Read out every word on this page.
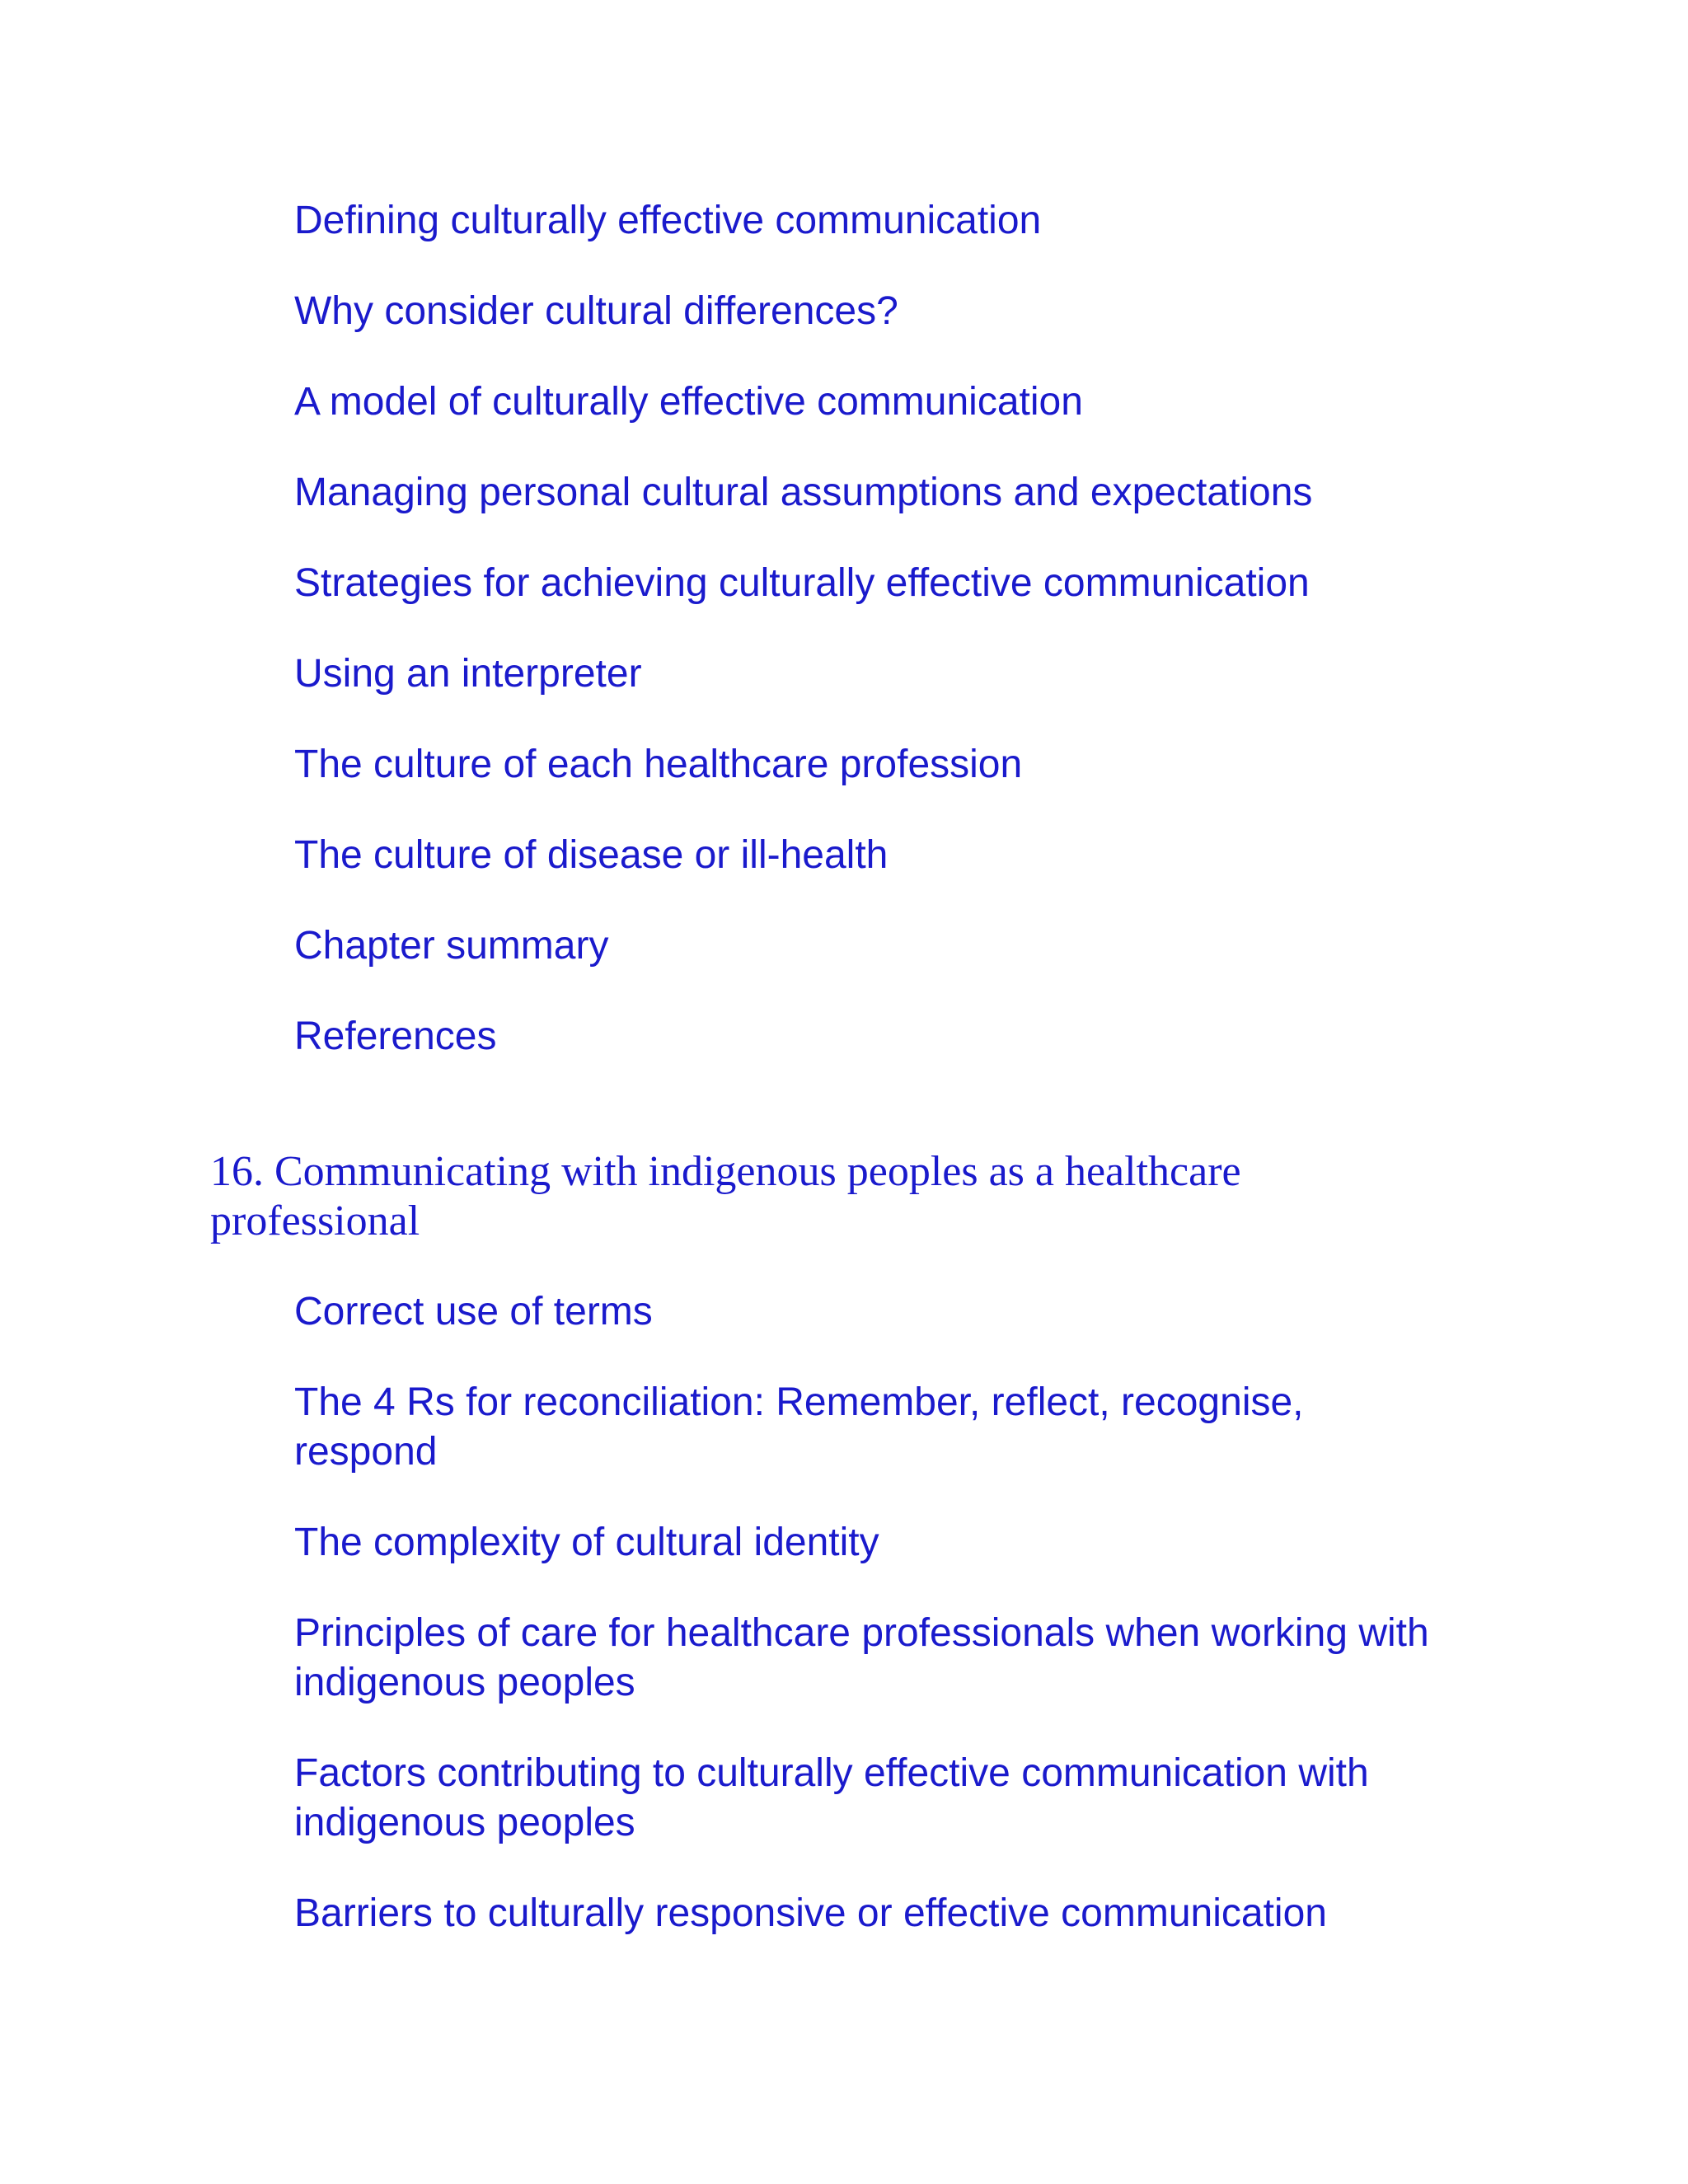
Defining culturally effective communication
Why consider cultural differences?
A model of culturally effective communication
Managing personal cultural assumptions and expectations
Strategies for achieving culturally effective communication
Using an interpreter
The culture of each healthcare profession
The culture of disease or ill-health
Chapter summary
References
16. Communicating with indigenous peoples as a healthcare professional
Correct use of terms
The 4 Rs for reconciliation: Remember, reflect, recognise, respond
The complexity of cultural identity
Principles of care for healthcare professionals when working with indigenous peoples
Factors contributing to culturally effective communication with indigenous peoples
Barriers to culturally responsive or effective communication
